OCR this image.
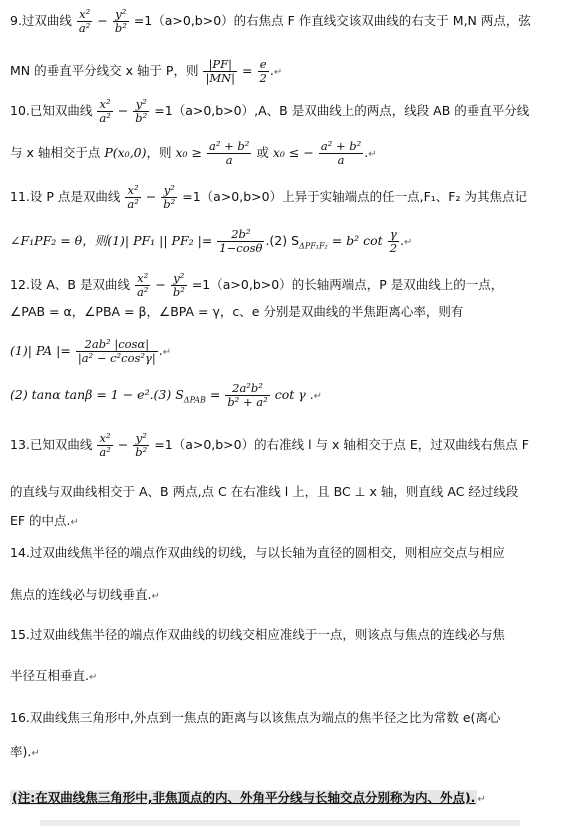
9.过双曲线 $\frac{\text{x²}}{\text{a²}} - \frac{\text{y²}}{\text{b²}} =1(a>0,b>0)$的右焦点 F 作直线交该双曲线的右支于 M,N 两点，弦
MN 的垂直平分线交 x 轴于 P，则 $\frac{|PF|}{|MN|} = \frac{e}{2}$ .↵
10.已知双曲线 $\frac{\text{x²}}{\text{a²}} - \frac{\text{y²}}{\text{b²}} =1(a>0,b>0),A$、B 是双曲线上的两点，线段 AB 的垂直平分线
与 x 轴相交于点 P(x₀,0)，则 $x_0 \ge \frac{\text{a² + b²}}{a}$ 或 x₀ ≤ − $\frac{\text{a² + b²}}{a}$ .↵
11.设 P 点是双曲线 $\frac{\text{x²}}{\text{a²}} - \frac{\text{y²}}{\text{b²}} =1(a>0,b>0)$上异于实轴端点的任一点,F₁、F₂ 为其焦点记
∠F₁PF₂ = θ，则(1)| PF₁ || PF₂ |= $\frac{\text{2b²}}{1-\cos\theta} .(2) S_{\Delta PF_1F_2} = b^2$ $\cot \frac{\gamma}{2}$ .↵
12.设 A、B 是双曲线 $\frac{\text{x²}}{\text{a²}} - \frac{\text{y²}}{\text{b²}} =1(a>0,b>0)$的长轴两端点，P 是双曲线上的一点，
∠PAB = α，∠PBA = β，∠BPA = γ，c、e 分别是双曲线的半焦距离心率，则有
(1)| PA |= $\frac{\text{2ab² |cosα|}}{\text{|a² − c²cos²γ|}}$ .↵
(2) tanα tanβ = 1 − e².(3) $S_{\Delta PAB} = \frac{\text{2a²b²}}{\text{b² + a²}}$ cot γ .↵
13.已知双曲线 $\frac{\text{x²}}{\text{a²}} - \frac{\text{y²}}{\text{b²}} =1(a>0,b>0)$的右准线 l 与 x 轴相交于点 E，过双曲线右焦点 F
的直线与双曲线相交于 A、B 两点,点 C 在右准线 l 上，且 BC ⊥ x 轴，则直线 AC 经过线段
EF 的中点.↵
14.过双曲线焦半径的端点作双曲线的切线，与以长轴为直径的圆相交，则相应交点与相应
焦点的连线必与切线垂直.↵
15.过双曲线焦半径的端点作双曲线的切线交相应准线于一点，则该点与焦点的连线必与焦
半径互相垂直.↵
16.双曲线焦三角形中,外点到一焦点的距离与以该焦点为端点的焦半径之比为常数 e(离心
率).↵
(注:在双曲线焦三角形中,非焦顶点的内、外角平分线与长轴交点分别称为内、外点). ↵
